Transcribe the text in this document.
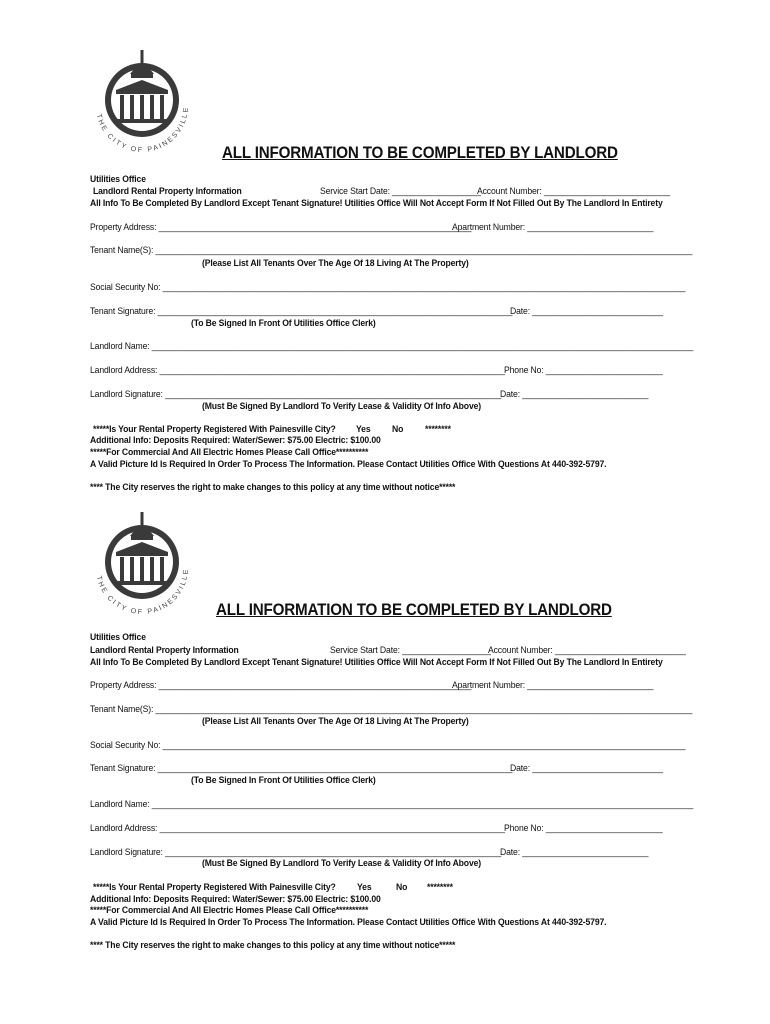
THE CITY OF PAINESVILLE
ALL INFORMATION TO BE COMPLETED BY LANDLORD
Utilities Office
Landlord Rental Property Information	Service Start Date: ___________________
Account Number: ___________________________
All Info To Be Completed By Landlord Except Tenant Signature! Utilities Office Will Not Accept Form If Not Filled Out By The Landlord In Entirety
Property Address: ___________________________________________________________________
Apartment Number: ___________________________
Tenant Name(S): ___________________________________________________________________________________________________________________
(Please List All Tenants Over The Age Of 18 Living At The Property)
Social Security No: ________________________________________________________________________________________________________________
Tenant Signature: ____________________________________________________________________________
Date: ____________________________
(To Be Signed In Front Of Utilities Office Clerk)
Landlord Name: ____________________________________________________________________________________________________________________
Landlord Address: __________________________________________________________________________ Phone No: _________________________
Landlord Signature: ________________________________________________________________________
Date: ___________________________
(Must Be Signed By Landlord To Verify Lease & Validity Of Info Above)
*****Is Your Rental Property Registered With Painesville City? Yes No ********
Additional Info: Deposits Required: Water/Sewer: $75.00 Electric: $100.00
*****For Commercial And All Electric Homes Please Call Office**********
A Valid Picture Id Is Required In Order To Process The Information. Please Contact Utilities Office With Questions At 440-392-5797.
**** The City reserves the right to make changes to this policy at any time without notice*****
THE CITY OF PAINESVILLE
ALL INFORMATION TO BE COMPLETED BY LANDLORD
Utilities Office
Landlord Rental Property Information	Service Start Date: ___________________
Account Number: ____________________________
All Info To Be Completed By Landlord Except Tenant Signature! Utilities Office Will Not Accept Form If Not Filled Out By The Landlord In Entirety
Property Address: ___________________________________________________________________
Apartment Number: ___________________________
Tenant Name(S): ___________________________________________________________________________________________________________________
(Please List All Tenants Over The Age Of 18 Living At The Property)
Social Security No: ________________________________________________________________________________________________________________
Tenant Signature: ____________________________________________________________________________
Date: ____________________________
(To Be Signed In Front Of Utilities Office Clerk)
Landlord Name: ____________________________________________________________________________________________________________________
Landlord Address: __________________________________________________________________________ Phone No: _________________________
Landlord Signature: ________________________________________________________________________
Date: ___________________________
(Must Be Signed By Landlord To Verify Lease & Validity Of Info Above)
*****Is Your Rental Property Registered With Painesville City? Yes	No ********
Additional Info: Deposits Required: Water/Sewer: $75.00 Electric: $100.00
*****For Commercial And All Electric Homes Please Call Office**********
A Valid Picture Id Is Required In Order To Process The Information. Please Contact Utilities Office With Questions At 440-392-5797.
**** The City reserves the right to make changes to this policy at any time without notice*****
